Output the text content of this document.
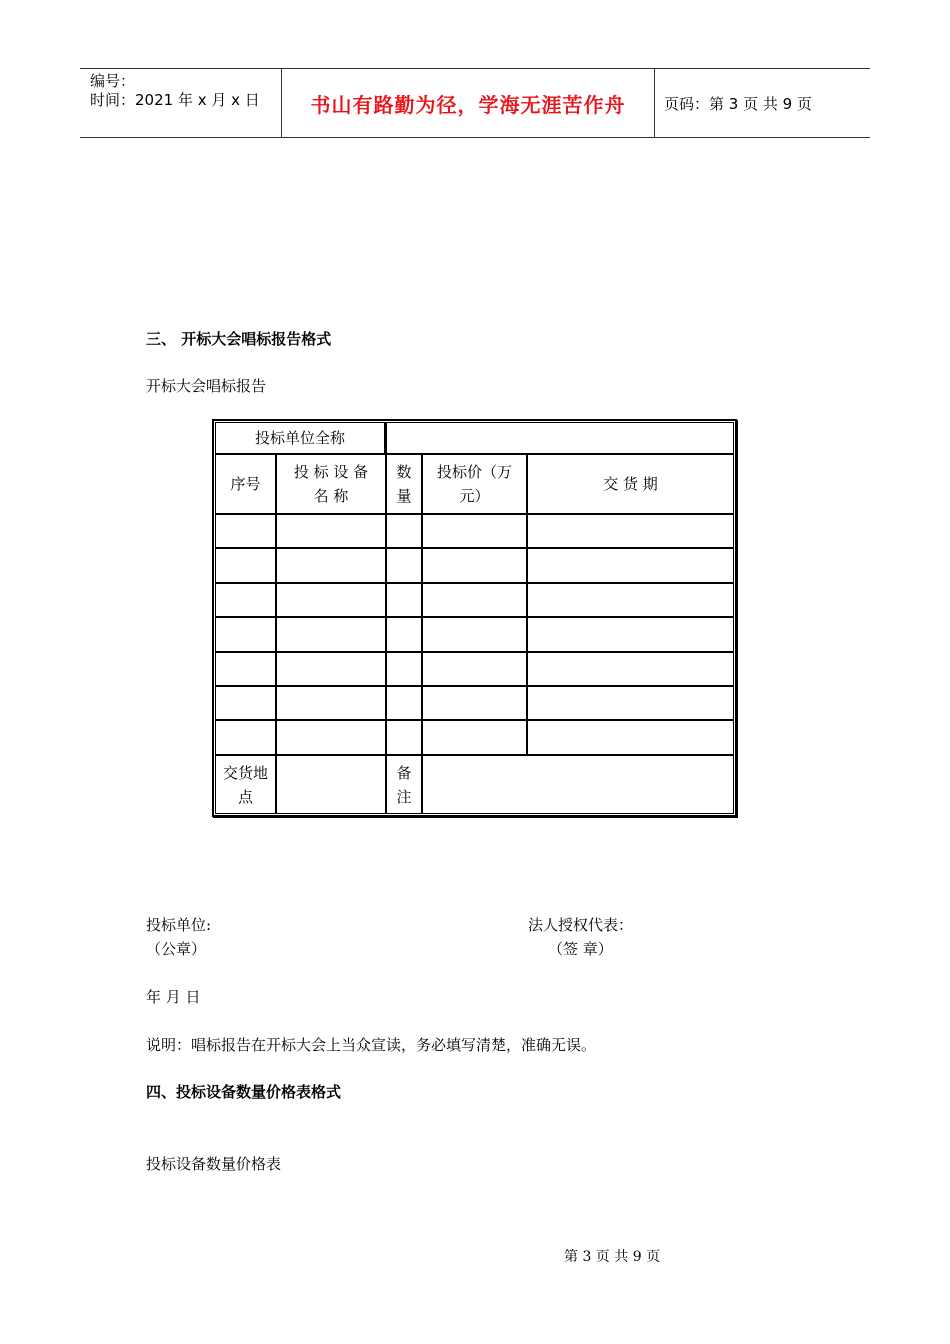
编号：
时间：2021 年 x 月 x 日	书山有路勤为径，学海无涯苦作舟	页码：第 3 页 共 9 页
三、 开标大会唱标报告格式
开标大会唱标报告
投标单位全称
序号
投 标 设 备
名 称
数
量
投标价（万
元）
交 货 期
交货地
点
备
注
投标单位:
（公章）
法人授权代表：
（签 章）
年 月 日
说明：唱标报告在开标大会上当众宣读，务必填写清楚，准确无误。
四、投标设备数量价格表格式
投标设备数量价格表
第 3 页 共 9 页
